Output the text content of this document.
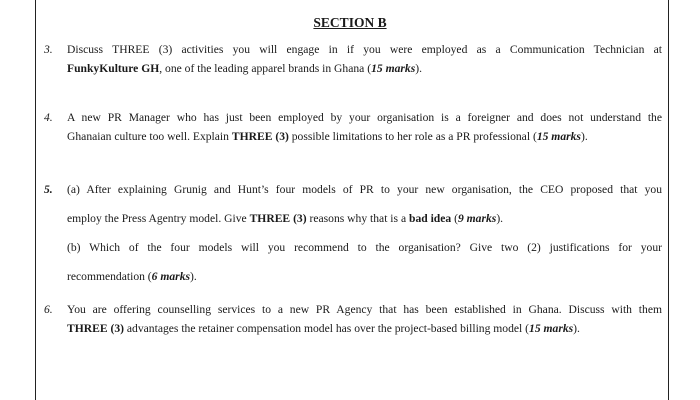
SECTION B
3. Discuss THREE (3) activities you will engage in if you were employed as a Communication Technician at
FunkyKulture GH, one of the leading apparel brands in Ghana (15 marks).
4. A new PR Manager who has just been employed by your organisation is a foreigner and does not understand the
Ghanaian culture too well. Explain THREE (3) possible limitations to her role as a PR professional (15 marks).
5. (a) After explaining Grunig and Hunt’s four models of PR to your new organisation, the CEO proposed that you
employ the Press Agentry model. Give THREE (3) reasons why that is a bad idea (9 marks).
(b) Which of the four models will you recommend to the organisation? Give two (2) justifications for your
recommendation (6 marks).
6. You are offering counselling services to a new PR Agency that has been established in Ghana. Discuss with them
THREE (3) advantages the retainer compensation model has over the project-based billing model (15 marks).
